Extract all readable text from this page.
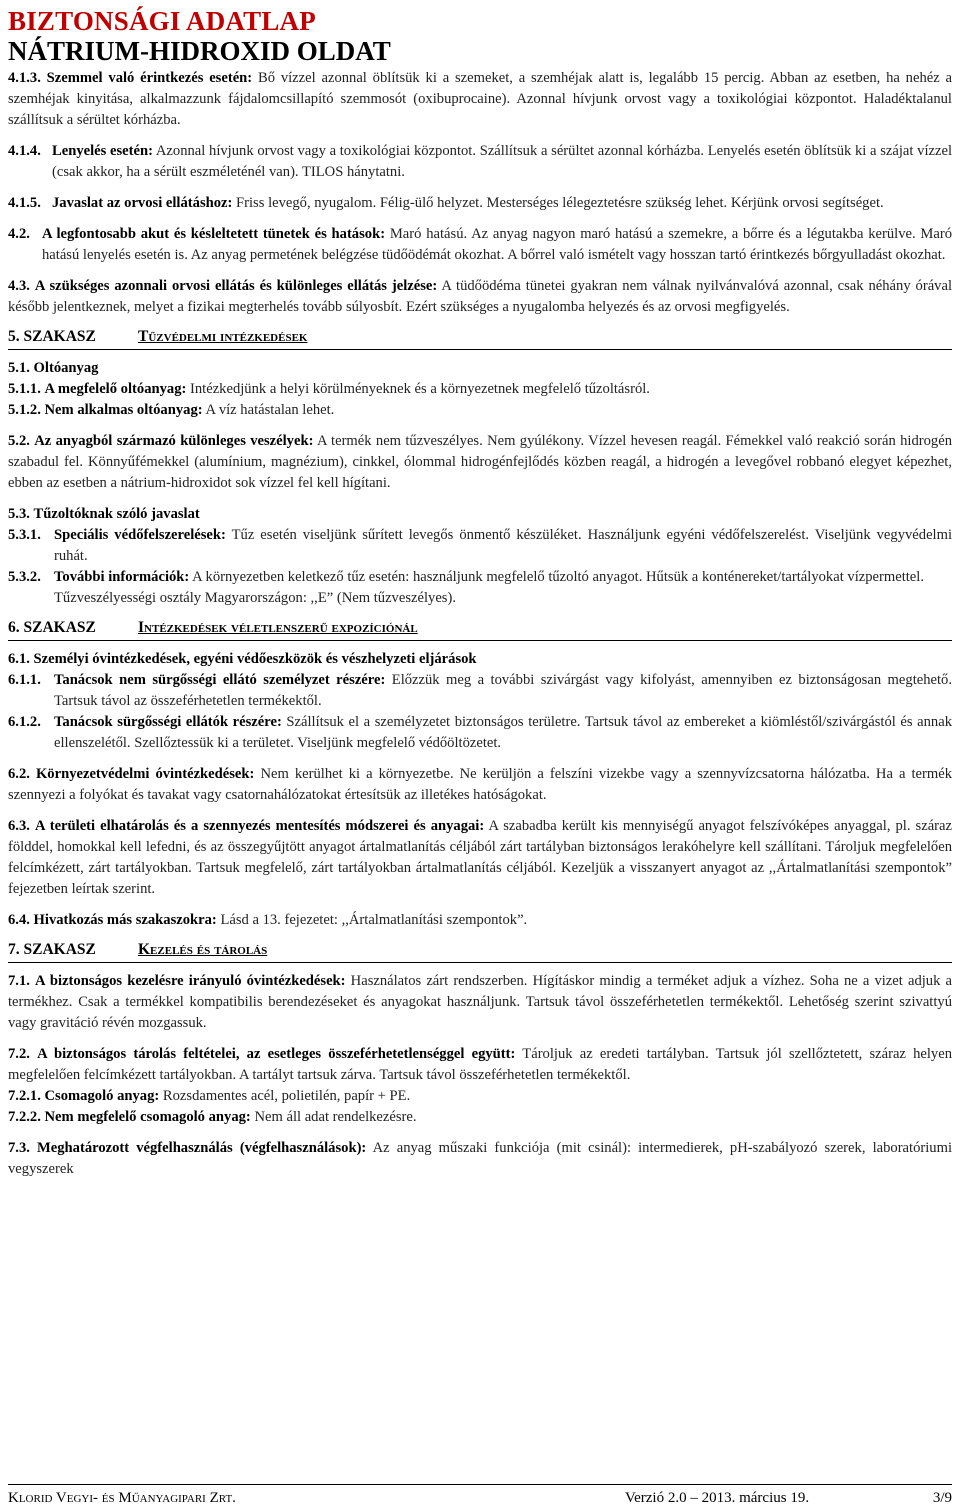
BIZTONSÁGI ADATLAP
NÁTRIUM-HIDROXID OLDAT
4.1.3. Szemmel való érintkezés esetén: Bő vízzel azonnal öblítsük ki a szemeket, a szemhéjak alatt is, legalább 15 percig. Abban az esetben, ha nehéz a szemhéjak kinyitása, alkalmazzunk fájdalomcsillapító szemmosót (oxibuprocaine). Azonnal hívjunk orvost vagy a toxikológiai központot. Haladéktalanul szállítsuk a sérültet kórházba.
4.1.4. Lenyelés esetén: Azonnal hívjunk orvost vagy a toxikológiai központot. Szállítsuk a sérültet azonnal kórházba. Lenyelés esetén öblítsük ki a szájat vízzel (csak akkor, ha a sérült eszméleténél van). TILOS hánytatni.
4.1.5. Javaslat az orvosi ellátáshoz: Friss levegő, nyugalom. Félig-ülő helyzet. Mesterséges lélegeztetésre szükség lehet. Kérjünk orvosi segítséget.
4.2. A legfontosabb akut és késleltetett tünetek és hatások: Maró hatású. Az anyag nagyon maró hatású a szemekre, a bőrre és a légutakba kerülve. Maró hatású lenyelés esetén is. Az anyag permetének belégzése tüdőödémát okozhat. A bőrrel való ismételt vagy hosszan tartó érintkezés bőrgyulladást okozhat.
4.3. A szükséges azonnali orvosi ellátás és különleges ellátás jelzése: A tüdőödéma tünetei gyakran nem válnak nyilvánvalóvá azonnal, csak néhány órával később jelentkeznek, melyet a fizikai megterhelés tovább súlyosbít. Ezért szükséges a nyugalomba helyezés és az orvosi megfigyelés.
5. SZAKASZ	Tűzvédelmi intézkedések
5.1. Oltóanyag
5.1.1. A megfelelő oltóanyag: Intézkedjünk a helyi körülményeknek és a környezetnek megfelelő tűzoltásról.
5.1.2. Nem alkalmas oltóanyag: A víz hatástalan lehet.
5.2. Az anyagból származó különleges veszélyek: A termék nem tűzveszélyes. Nem gyúlékony. Vízzel hevesen reagál. Fémekkel való reakció során hidrogén szabadul fel. Könnyűfémekkel (alumínium, magnézium), cinkkel, ólommal hidrogénfejlődés közben reagál, a hidrogén a levegővel robbanó elegyet képezhet, ebben az esetben a nátrium-hidroxidot sok vízzel fel kell hígítani.
5.3. Tűzoltóknak szóló javaslat
5.3.1. Speciális védőfelszerelések: Tűz esetén viseljünk sűrített levegős önmentő készüléket. Használjunk egyéni védőfelszerelést. Viseljünk vegyvédelmi ruhát.
5.3.2. További információk: A környezetben keletkező tűz esetén: használjunk megfelelő tűzoltó anyagot. Hűtsük a konténereket/tartályokat vízpermettel.
Tűzveszélyességi osztály Magyarországon: ,,E” (Nem tűzveszélyes).
6. SZAKASZ	Intézkedések véletlenszerű expozíciónál
6.1. Személyi óvintézkedések, egyéni védőeszközök és vészhelyzeti eljárások
6.1.1. Tanácsok nem sürgősségi ellátó személyzet részére: Előzzük meg a további szivárgást vagy kifolyást, amennyiben ez biztonságosan megtehető. Tartsuk távol az összeférhetetlen termékektől.
6.1.2. Tanácsok sürgősségi ellátók részére: Szállítsuk el a személyzetet biztonságos területre. Tartsuk távol az embereket a kiömléstől/szivárgástól és annak ellenszelétől. Szellőztessük ki a területet. Viseljünk megfelelő védőöltözetet.
6.2. Környezetvédelmi óvintézkedések: Nem kerülhet ki a környezetbe. Ne kerüljön a felszíni vizekbe vagy a szennyvízcsatorna hálózatba. Ha a termék szennyezi a folyókat és tavakat vagy csatornahálózatokat értesítsük az illetékes hatóságokat.
6.3. A területi elhatárolás és a szennyezés mentesítés módszerei és anyagai: A szabadba került kis mennyiségű anyagot felszívóképes anyaggal, pl. száraz földdel, homokkal kell lefedni, és az összegyűjtött anyagot ártalmatlanítás céljából zárt tartályban biztonságos lerakóhelyre kell szállítani. Tároljuk megfelelően felcímkézett, zárt tartályokban. Tartsuk megfelelő, zárt tartályokban ártalmatlanítás céljából. Kezeljük a visszanyert anyagot az ,,Ártalmatlanítási szempontok” fejezetben leírtak szerint.
6.4. Hivatkozás más szakaszokra: Lásd a 13. fejezetet: ,,Ártalmatlanítási szempontok”.
7. SZAKASZ	Kezelés és tárolás
7.1. A biztonságos kezelésre irányuló óvintézkedések: Használatos zárt rendszerben. Hígításkor mindig a terméket adjuk a vízhez. Soha ne a vizet adjuk a termékhez. Csak a termékkel kompatibilis berendezéseket és anyagokat használjunk. Tartsuk távol összeférhetetlen termékektől. Lehetőség szerint szivattyú vagy gravitáció révén mozgassuk.
7.2. A biztonságos tárolás feltételei, az esetleges összeférhetetlenséggel együtt: Tároljuk az eredeti tartályban. Tartsuk jól szellőztetett, száraz helyen megfelelően felcímkézett tartályokban. A tartályt tartsuk zárva. Tartsuk távol összeférhetetlen termékektől.
7.2.1. Csomagoló anyag: Rozsdamentes acél, polietilén, papír + PE.
7.2.2. Nem megfelelő csomagoló anyag: Nem áll adat rendelkezésre.
7.3. Meghatározott végfelhasználás (végfelhasználások): Az anyag műszaki funkciója (mit csinál): intermedierek, pH-szabályozó szerek, laboratóriumi vegyszerek
Klorid Vegyi- és Műanyagipari Zrt.	Verzió 2.0 – 2013. március 19.	3/9
